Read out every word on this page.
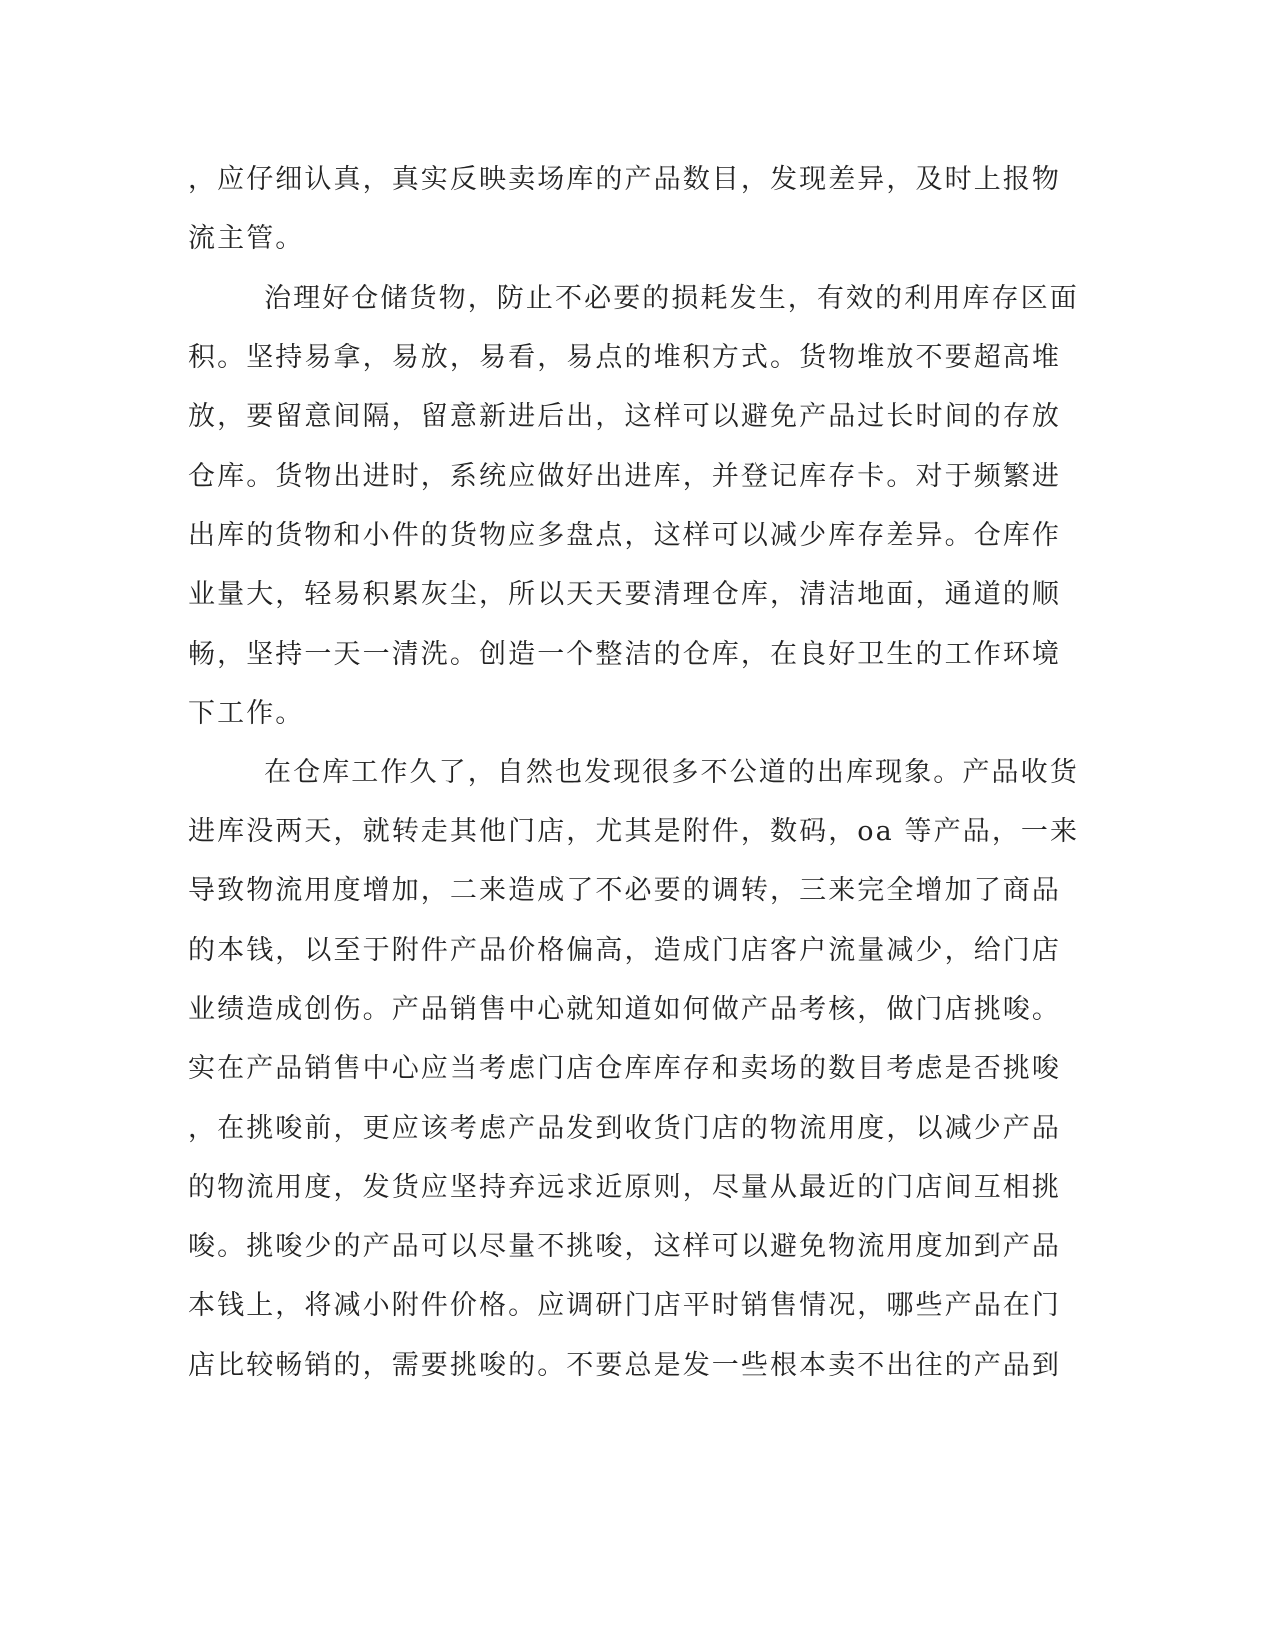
，应仔细认真，真实反映卖场库的产品数目，发现差异，及时上报物
流主管。
治理好仓储货物，防止不必要的损耗发生，有效的利用库存区面
积。坚持易拿，易放，易看，易点的堆积方式。货物堆放不要超高堆
放，要留意间隔，留意新进后出，这样可以避免产品过长时间的存放
仓库。货物出进时，系统应做好出进库，并登记库存卡。对于频繁进
出库的货物和小件的货物应多盘点，这样可以减少库存差异。仓库作
业量大，轻易积累灰尘，所以天天要清理仓库，清洁地面，通道的顺
畅，坚持一天一清洗。创造一个整洁的仓库，在良好卫生的工作环境
下工作。
在仓库工作久了，自然也发现很多不公道的出库现象。产品收货
进库没两天，就转走其他门店，尤其是附件，数码，oa 等产品，一来
导致物流用度增加，二来造成了不必要的调转，三来完全增加了商品
的本钱，以至于附件产品价格偏高，造成门店客户流量减少，给门店
业绩造成创伤。产品销售中心就知道如何做产品考核，做门店挑唆。
实在产品销售中心应当考虑门店仓库库存和卖场的数目考虑是否挑唆
，在挑唆前，更应该考虑产品发到收货门店的物流用度，以减少产品
的物流用度，发货应坚持弃远求近原则，尽量从最近的门店间互相挑
唆。挑唆少的产品可以尽量不挑唆，这样可以避免物流用度加到产品
本钱上，将减小附件价格。应调研门店平时销售情况，哪些产品在门
店比较畅销的，需要挑唆的。不要总是发一些根本卖不出往的产品到
